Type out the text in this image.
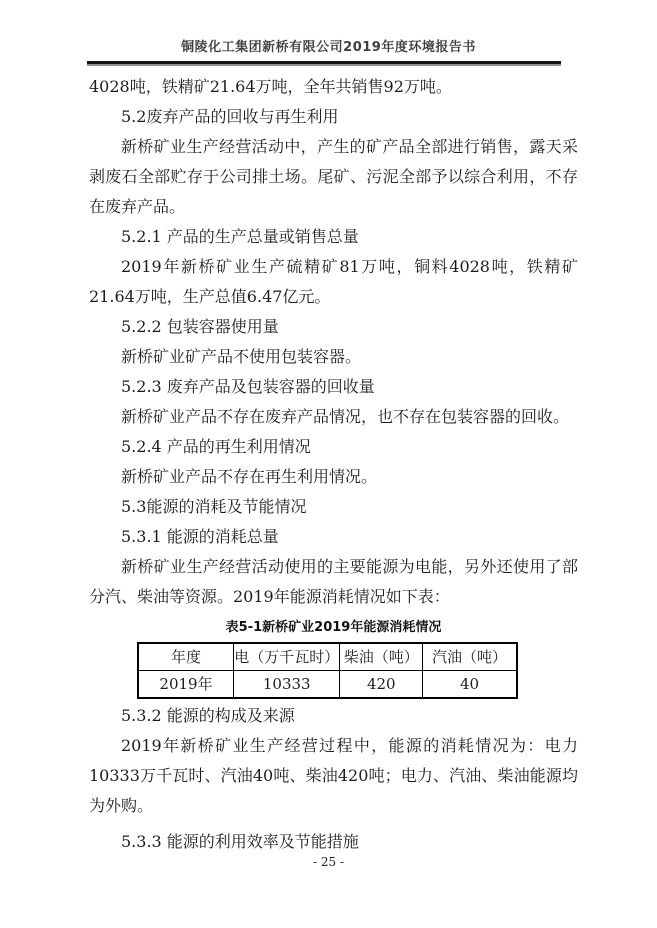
铜陵化工集团新桥有限公司2019年度环境报告书

4028吨，铁精矿21.64万吨，全年共销售92万吨。

5.2废弃产品的回收与再生利用

新桥矿业生产经营活动中，产生的矿产品全部进行销售，露天采剥废石全部贮存于公司排土场。尾矿、污泥全部予以综合利用，不存在废弃产品。

5.2.1 产品的生产总量或销售总量

2019年新桥矿业生产硫精矿81万吨，铜料4028吨，铁精矿21.64万吨，生产总值6.47亿元。

5.2.2 包装容器使用量

新桥矿业矿产品不使用包装容器。

5.2.3 废弃产品及包装容器的回收量

新桥矿业产品不存在废弃产品情况，也不存在包装容器的回收。

5.2.4 产品的再生利用情况

新桥矿业产品不存在再生利用情况。

5.3能源的消耗及节能情况

5.3.1 能源的消耗总量

新桥矿业生产经营活动使用的主要能源为电能，另外还使用了部分汽、柴油等资源。2019年能源消耗情况如下表：

表5-1新桥矿业2019年能源消耗情况
年度	电（万千瓦时）	柴油（吨）	汽油（吨）
2019年	10333	420	40

5.3.2 能源的构成及来源

2019年新桥矿业生产经营过程中，能源的消耗情况为：电力10333万千瓦时、汽油40吨、柴油420吨；电力、汽油、柴油能源均为外购。

5.3.3 能源的利用效率及节能措施

- 25 -
